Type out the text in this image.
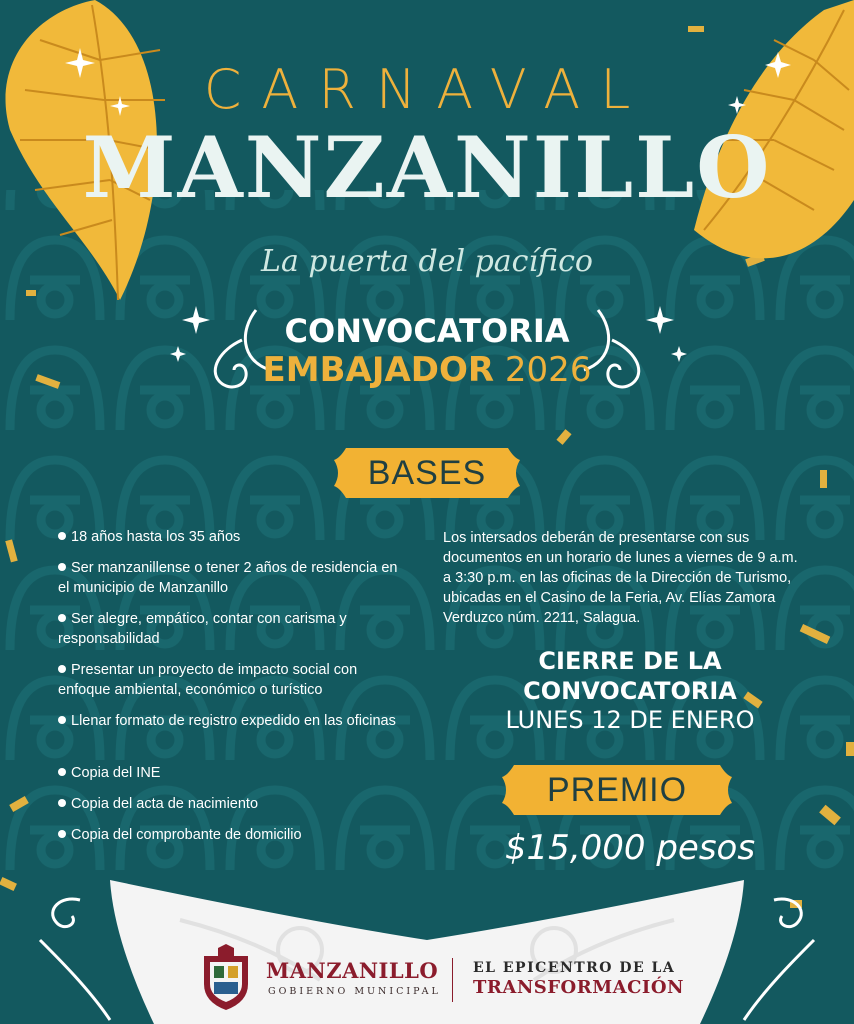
CARNAVAL
MANZANILLO
La puerta del pacífico
CONVOCATORIA
EMBAJADOR 2026
BASES
18 años hasta los 35 años
Ser manzanillense o tener 2 años de residencia en el municipio de Manzanillo
Ser alegre, empático, contar con carisma y responsabilidad
Presentar un proyecto de impacto social con enfoque ambiental, económico o turístico
Llenar formato de registro expedido en las oficinas
Copia del INE
Copia del acta de nacimiento
Copia del comprobante de domicilio
Los intersados deberán de presentarse con sus documentos en un horario de lunes a viernes de 9 a.m. a 3:30 p.m. en las oficinas de la Dirección de Turismo, ubicadas en el Casino de la Feria, Av. Elías Zamora Verduzco núm. 2211, Salagua.
CIERRE DE LA
CONVOCATORIA
LUNES 12 DE ENERO
PREMIO
$15,000 pesos
MANZANILLO
GOBIERNO MUNICIPAL
EL EPICENTRO DE LA
TRANSFORMACIÓN
